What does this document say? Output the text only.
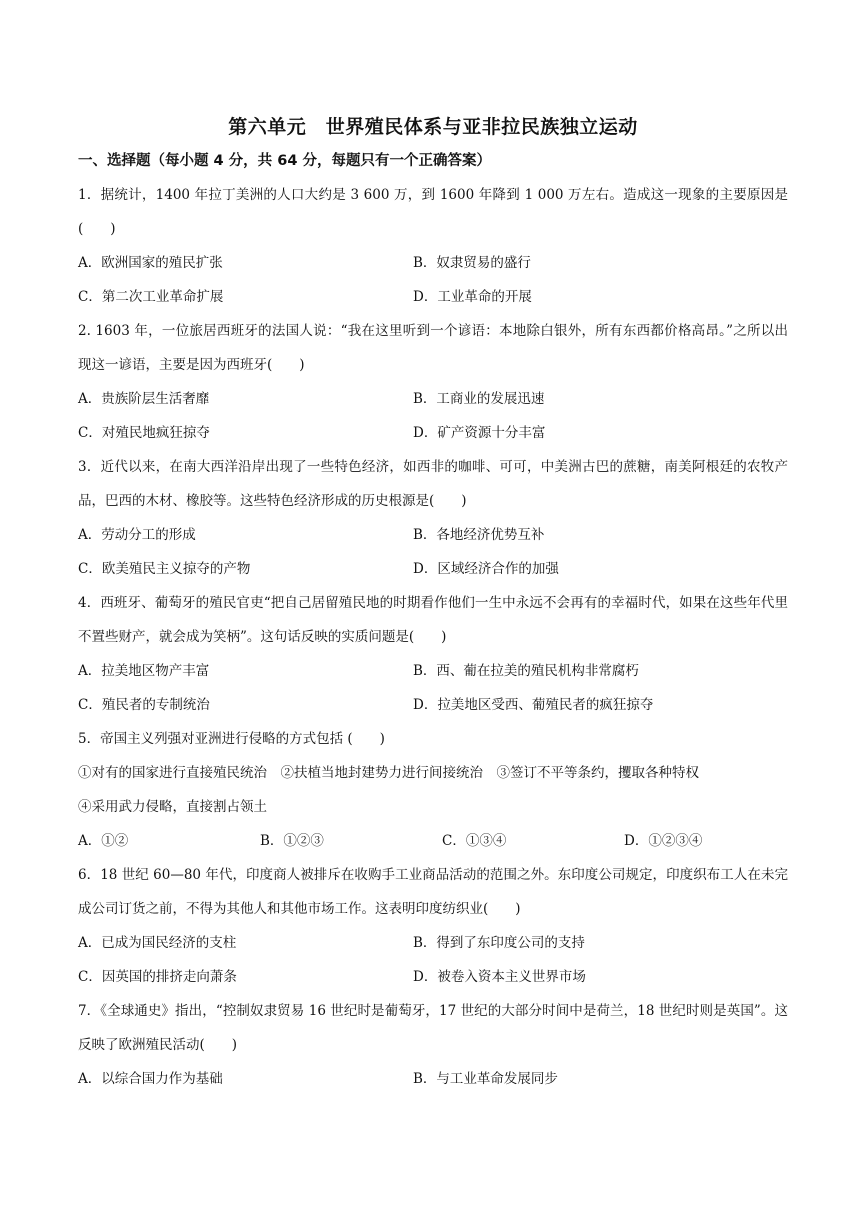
第六单元　世界殖民体系与亚非拉民族独立运动
一、选择题（每小题 4 分，共 64 分，每题只有一个正确答案）
1．据统计，1400 年拉丁美洲的人口大约是 3 600 万，到 1600 年降到 1 000 万左右。造成这一现象的主要原因是(　　)
A．欧洲国家的殖民扩张	B．奴隶贸易的盛行
C．第二次工业革命扩展	D．工业革命的开展
2. 1603 年，一位旅居西班牙的法国人说：“我在这里听到一个谚语：本地除白银外，所有东西都价格高昂。”之所以出现这一谚语，主要是因为西班牙(　　)
A．贵族阶层生活奢靡	B．工商业的发展迅速
C．对殖民地疯狂掠夺	D．矿产资源十分丰富
3．近代以来，在南大西洋沿岸出现了一些特色经济，如西非的咖啡、可可，中美洲古巴的蔗糖，南美阿根廷的农牧产品，巴西的木材、橡胶等。这些特色经济形成的历史根源是(　　)
A．劳动分工的形成	B．各地经济优势互补
C．欧美殖民主义掠夺的产物	D．区域经济合作的加强
4．西班牙、葡萄牙的殖民官吏“把自己居留殖民地的时期看作他们一生中永远不会再有的幸福时代，如果在这些年代里不置些财产，就会成为笑柄”。这句话反映的实质问题是(　　)
A．拉美地区物产丰富	B．西、葡在拉美的殖民机构非常腐朽
C．殖民者的专制统治	D．拉美地区受西、葡殖民者的疯狂掠夺
5．帝国主义列强对亚洲进行侵略的方式包括 (　　)
①对有的国家进行直接殖民统治　②扶植当地封建势力进行间接统治　③签订不平等条约，攫取各种特权
④采用武力侵略，直接割占领土
A．①②	B．①②③	C．①③④	D．①②③④
6．18 世纪 60—80 年代，印度商人被排斥在收购手工业商品活动的范围之外。东印度公司规定，印度织布工人在未完成公司订货之前，不得为其他人和其他市场工作。这表明印度纺织业(　　)
A．已成为国民经济的支柱	B．得到了东印度公司的支持
C．因英国的排挤走向萧条	D．被卷入资本主义世界市场
7．《全球通史》指出，“控制奴隶贸易 16 世纪时是葡萄牙，17 世纪的大部分时间中是荷兰，18 世纪时则是英国”。这反映了欧洲殖民活动(　　)
A．以综合国力作为基础	B．与工业革命发展同步
